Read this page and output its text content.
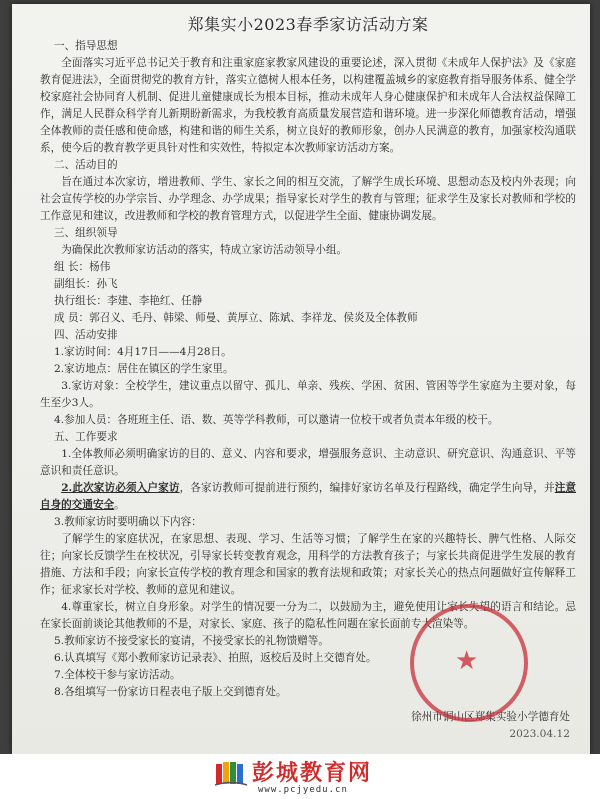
郑集实小2023春季家访活动方案

一、指导思想

全面落实习近平总书记关于教育和注重家庭家教家风建设的重要论述，深入贯彻《未成年人保护法》及《家庭教育促进法》，全面贯彻党的教育方针，落实立德树人根本任务，以构建覆盖城乡的家庭教育指导服务体系、健全学校家庭社会协同育人机制、促进儿童健康成长为根本目标，推动未成年人身心健康保护和未成年人合法权益保障工作，满足人民群众科学育儿新期盼新需求，为我校教育高质量发展营造和谐环境。进一步深化师德教育活动，增强全体教师的责任感和使命感，构建和谐的师生关系，树立良好的教师形象，创办人民满意的教育，加强家校沟通联系，使今后的教育教学更具针对性和实效性，特拟定本次教师家访活动方案。

二、活动目的

旨在通过本次家访，增进教师、学生、家长之间的相互交流，了解学生成长环境、思想动态及校内外表现；向社会宣传学校的办学宗旨、办学理念、办学成果；指导家长对学生的教育与管理；征求学生及家长对教师和学校的工作意见和建议，改进教师和学校的教育管理方式，以促进学生全面、健康协调发展。

三、组织领导

为确保此次教师家访活动的落实，特成立家访活动领导小组。

组 长：杨伟

副组长：孙飞

执行组长：李建、李艳红、任静

成 员：郭召义、毛丹、韩梁、师曼、黄厚立、陈斌、李祥龙、侯炎及全体教师

四、活动安排

1.家访时间：4月17日——4月28日。

2.家访地点：居住在镇区的学生家里。

3.家访对象：全校学生，建议重点以留守、孤儿、单亲、残疾、学困、贫困、管困等学生家庭为主要对象，每生至少3人。

4.参加人员：各班班主任、语、数、英等学科教师，可以邀请一位校干或者负责本年级的校干。

五、工作要求

1.全体教师必须明确家访的目的、意义、内容和要求，增强服务意识、主动意识、研究意识、沟通意识、平等意识和责任意识。

2.此次家访必须入户家访，各家访教师可提前进行预约，编排好家访名单及行程路线，确定学生向导，并注意自身的交通安全。

3.教师家访时要明确以下内容：

了解学生的家庭状况，在家思想、表现、学习、生活等习惯；了解学生在家的兴趣特长、脾气性格、人际交往；向家长反馈学生在校状况，引导家长转变教育观念，用科学的方法教育孩子；与家长共商促进学生发展的教育措施、方法和手段；向家长宣传学校的教育理念和国家的教育法规和政策；对家长关心的热点问题做好宣传解释工作；征求家长对学校、教师的意见和建议。

4.尊重家长，树立自身形象。对学生的情况要一分为二，以鼓励为主，避免使用让家长失望的语言和结论。忌在家长面前谈论其他教师的不是，对家长、家庭、孩子的隐私性问题在家长面前专大渲染等。

5.教师家访不接受家长的宴请，不接受家长的礼物馈赠等。

6.认真填写《郑小教师家访记录表》、拍照，返校后及时上交德育处。

7.全体校干参与家访活动。

8.各组填写一份家访日程表电子版上交到德育处。

徐州市铜山区郑集实验小学德育处

2023.04.12

★
彭城教育网
www.pcjyedu.cn
